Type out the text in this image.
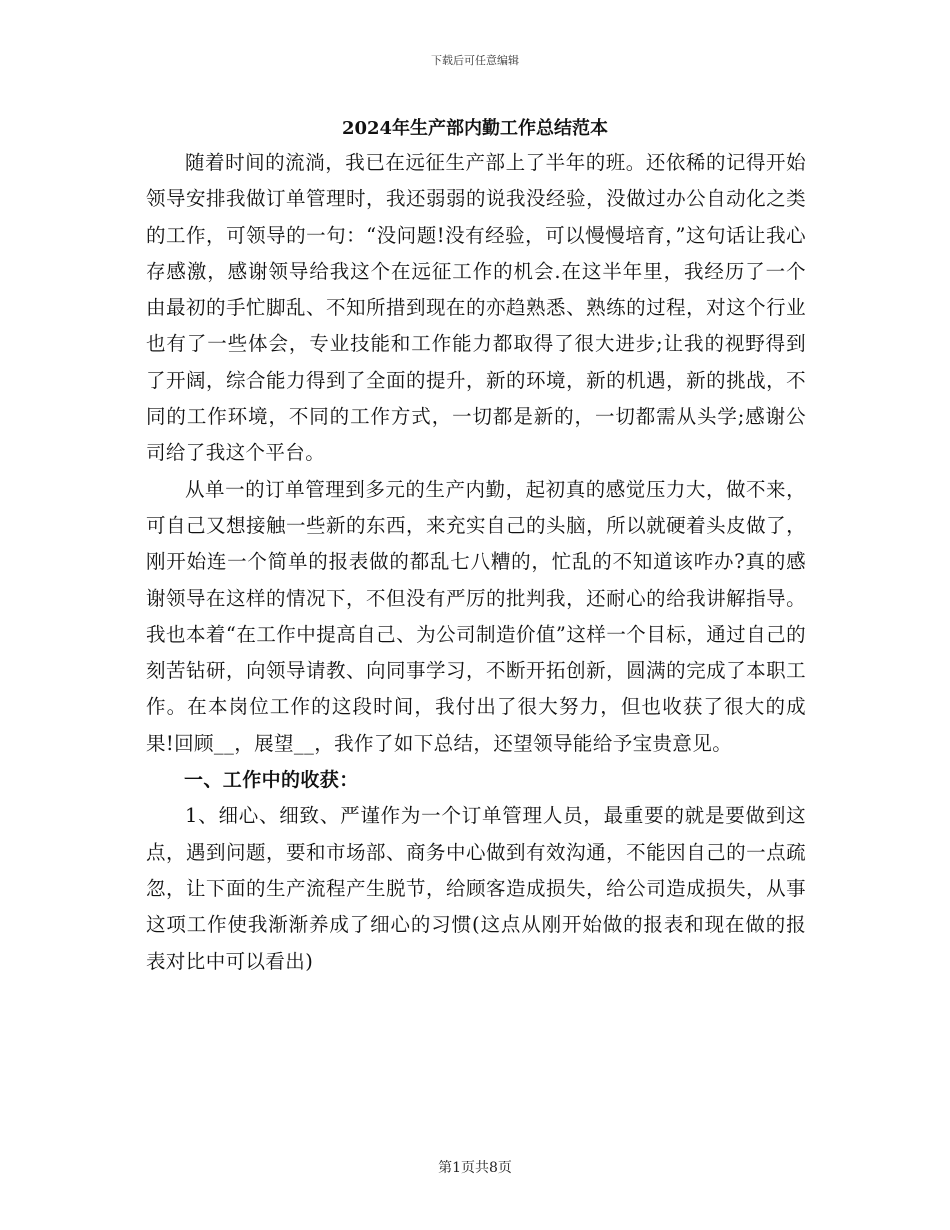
下载后可任意编辑
2024年生产部内勤工作总结范本

随着时间的流淌，我已在远征生产部上了半年的班。还依稀的记得开始领导安排我做订单管理时，我还弱弱的说我没经验，没做过办公自动化之类的工作，可领导的一句：“没问题!没有经验，可以慢慢培育，”这句话让我心存感激，感谢领导给我这个在远征工作的机会.在这半年里，我经历了一个由最初的手忙脚乱、不知所措到现在的亦趋熟悉、熟练的过程，对这个行业也有了一些体会，专业技能和工作能力都取得了很大进步;让我的视野得到了开阔，综合能力得到了全面的提升，新的环境，新的机遇，新的挑战，不同的工作环境，不同的工作方式，一切都是新的，一切都需从头学;感谢公司给了我这个平台。

从单一的订单管理到多元的生产内勤，起初真的感觉压力大，做不来，可自己又想接触一些新的东西，来充实自己的头脑，所以就硬着头皮做了，刚开始连一个简单的报表做的都乱七八糟的，忙乱的不知道该咋办?真的感谢领导在这样的情况下，不但没有严厉的批判我，还耐心的给我讲解指导。我也本着“在工作中提高自己、为公司制造价值”这样一个目标，通过自己的刻苦钻研，向领导请教、向同事学习，不断开拓创新，圆满的完成了本职工作。在本岗位工作的这段时间，我付出了很大努力，但也收获了很大的成果!回顾__，展望__，我作了如下总结，还望领导能给予宝贵意见。

一、工作中的收获：

1、细心、细致、严谨作为一个订单管理人员，最重要的就是要做到这点，遇到问题，要和市场部、商务中心做到有效沟通，不能因自己的一点疏忽，让下面的生产流程产生脱节，给顾客造成损失，给公司造成损失，从事这项工作使我渐渐养成了细心的习惯(这点从刚开始做的报表和现在做的报表对比中可以看出)

第1页共8页
